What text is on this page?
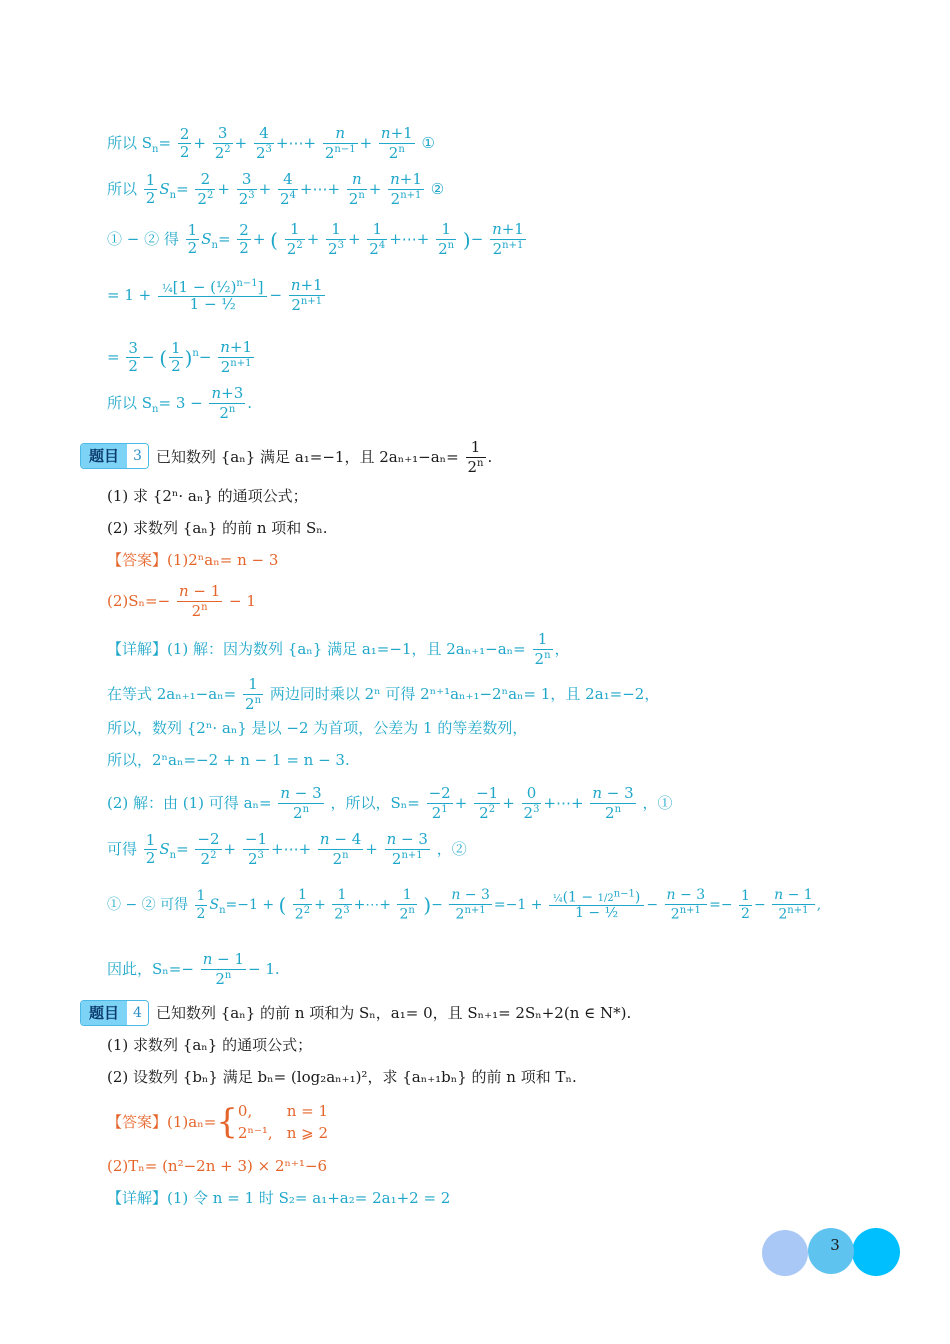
所以 $S_n= \frac{2}{2} + \frac{3}{2^2} + \frac{4}{2^3}$ +⋯+ $\frac{n}{2^{n-1}} + \frac{n+1}{2^n}$ ①
所以 $\frac{1}{2} S_n= \frac{2}{2^2} + \frac{3}{2^3} + \frac{4}{2^4}$ +⋯+ $\frac{n}{2^n} + \frac{n+1}{2^{n+1}}$ ②
① − ② 得 $\frac{1}{2} S_n= \frac{2}{2}$ + ( $\frac{1}{2^2} + \frac{1}{2^3} + \frac{1}{2^4}$ +⋯+ $\frac{1}{2^n}$ )− $\frac{n+1}{2^{n+1}}$
= $1 + \frac{\frac{1}{4}[1 - (\frac{1}{2})^{n-1}]}{\text{1 − ½}} - \frac{n+1}{2^{n+1}}$
= $\frac{3}{2}$ − ( $\frac{1}{2} )^n- \frac{n+1}{2^{n+1}}$
所以 $S_n= 3 - \frac{n+3}{2^n}$ .
题目	3 已知数列 {aₙ} 满足 a₁=−1，且 $2a_{n+1}-a_n= \frac{1}{2^n}$ .
(1) 求 {2ⁿ· aₙ} 的通项公式；
(2) 求数列 {aₙ} 的前 n 项和 Sₙ.
【答案】(1)2ⁿaₙ= n − 3
$(2)S_n=- \frac{n - 1}{2^n} - 1$
【详解】(1) 解：因为数列 {aₙ} 满足 a₁=−1，且 $2a_{n+1}-a_n= \frac{1}{2^n}$ ，
在等式 $2a_{n+1}-a_n= \frac{1}{2^n}$ 两边同时乘以 2ⁿ 可得 2ⁿ⁺¹aₙ₊₁−2ⁿaₙ= 1，且 2a₁=−2，
所以，数列 {2ⁿ· aₙ} 是以 −2 为首项，公差为 1 的等差数列，
所以，2ⁿaₙ=−2 + n − 1 = n − 3.
(2) 解：由 (1) 可得 $a_n= \frac{n - 3}{2^n}$ ，所以，$S_n= \frac{-2}{2^1} + \frac{-1}{2^2} + \frac{0}{2^3}$ +⋯+ $\frac{n - 3}{2^n}$ ，①
可得 $\frac{1}{2} S_n= \frac{-2}{2^2} + \frac{-1}{2^3}$ +⋯+ $\frac{n - 4}{2^n} + \frac{n - 3}{2^{n+1}}$ ，②
① − ② 可得 $\frac{1}{2} S_n=-1$ + ( $\frac{1}{2^2} + \frac{1}{2^3}$ +⋯+ $\frac{1}{2^n}$ )− $\frac{n - 3}{2^{n+1}} =-1 + \frac{\frac{1}{4}(1 - 1/2^{n-1})}{\text{1 − ½}} - \frac{n - 3}{2^{n+1}} =- \frac{1}{2} - \frac{n - 1}{2^{n+1}}$ ,
因此，$S_n=- \frac{n - 1}{2^n} - 1$.
题目	4 已知数列 {aₙ} 的前 n 项和为 Sₙ，a₁= 0，且 Sₙ₊₁= 2Sₙ+2(n ∈ N*).
(1) 求数列 {aₙ} 的通项公式；
(2) 设数列 {bₙ} 满足 bₙ= (log₂aₙ₊₁)²，求 {aₙ₊₁bₙ} 的前 n 项和 Tₙ.
【答案】 (1)aₙ= { 0, n = 1
2ⁿ⁻¹, n ⩾ 2
(2)Tₙ= (n²−2n + 3) × 2ⁿ⁺¹−6
【详解】(1) 令 n = 1 时 S₂= a₁+a₂= 2a₁+2 = 2
3
